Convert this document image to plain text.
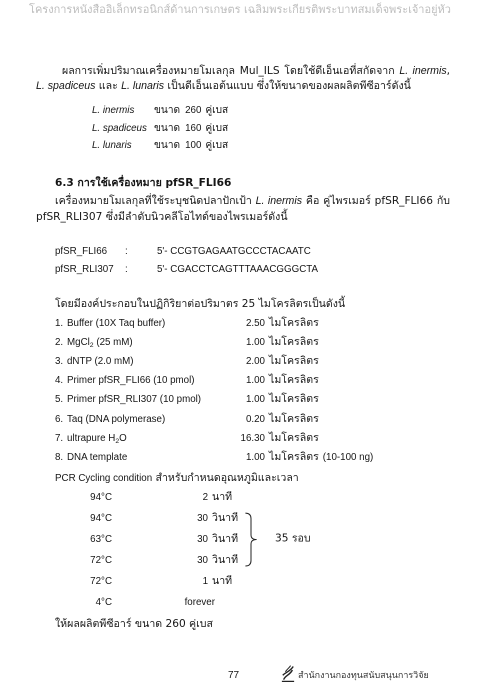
โครงการหนังสืออิเล็กทรอนิกส์ด้านการเกษตร เฉลิมพระเกียรติพระบาทสมเด็จพระเจ้าอยู่หัว
ผลการเพิ่มปริมาณเครื่องหมายโมเลกุล Mul_ILS โดยใช้ดีเอ็นเอที่สกัดจาก L. inermis, L. spadiceus และ L. lunaris เป็นดีเอ็นเอต้นแบบ ซึ่งให้ขนาดของผลผลิตพีซีอาร์ดังนี้
L. inermis	ขนาด 260 คู่เบส
L. spadiceus ขนาด 160 คู่เบส
L. lunaris	ขนาด 100 คู่เบส
6.3 การใช้เครื่องหมาย pfSR_FLI66
เครื่องหมายโมเลกุลที่ใช้ระบุชนิดปลาปักเป้า L. inermis คือ คู่ไพรเมอร์ pfSR_FLI66 กับ pfSR_RLI307 ซึ่งมีลำดับนิวคลีโอไทด์ของไพรเมอร์ดังนี้
pfSR_FLI66	:	5'- CCGTGAGAATGCCCTACAATC
pfSR_RLI307	:	5'- CGACCTCAGTTTAAACGGGCTA
โดยมีองค์ประกอบในปฏิกิริยาต่อปริมาตร 25 ไมโครลิตรเป็นดังนี้
1. Buffer (10X Taq buffer)	2.50 ไมโครลิตร
2. MgCl$_2$ (25 mM)	1.00 ไมโครลิตร
3. dNTP (2.0 mM)	2.00 ไมโครลิตร
4. Primer pfSR_FLI66 (10 pmol)	1.00 ไมโครลิตร
5. Primer pfSR_RLI307 (10 pmol)	1.00 ไมโครลิตร
6. Taq (DNA polymerase)	0.20 ไมโครลิตร
7. ultrapure $H_2O$	16.30 ไมโครลิตร
8. DNA template	1.00 ไมโครลิตร (10-100 ng)
PCR Cycling condition สำหรับกำหนดอุณหภูมิและเวลา
94°C	2 นาที
94°C	30 วินาที
63°C	30 วินาที
72°C	30 วินาที
35 รอบ
72°C	1 นาที
4°C	forever
ให้ผลผลิตพีซีอาร์ ขนาด 260 คู่เบส
77	สำนักงานกองทุนสนับสนุนการวิจัย
